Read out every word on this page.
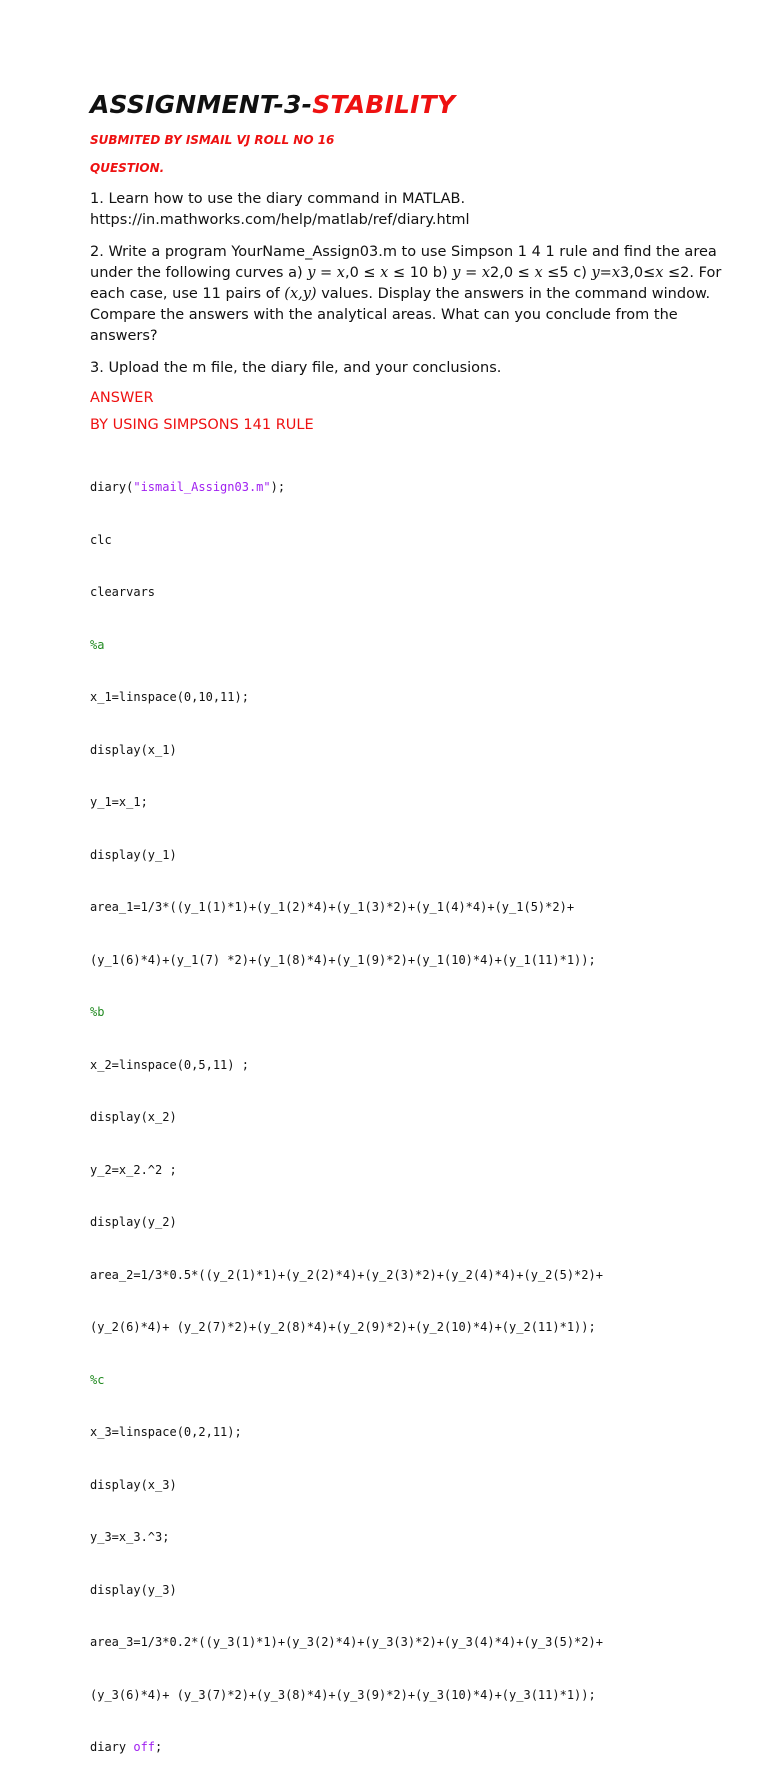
ASSIGNMENT-3-STABILITY
SUBMITED BY ISMAIL VJ ROLL NO 16
QUESTION.

1. Learn how to use the diary command in MATLAB.
https://in.mathworks.com/help/matlab/ref/diary.html

2. Write a program YourName_Assign03.m to use Simpson 1 4 1 rule and find the area under the following curves a) y = x,0 ≤ x ≤ 10 b) y = x2,0 ≤ x ≤5 c) y=x3,0≤x ≤2. For each case, use 11 pairs of (x,y) values. Display the answers in the command window. Compare the answers with the analytical areas. What can you conclude from the answers?

3. Upload the m file, the diary file, and your conclusions.

ANSWER
BY USING SIMPSONS 141 RULE

diary("ismail_Assign03.m");

clc

clearvars

%a

x_1=linspace(0,10,11);

display(x_1)

y_1=x_1;

display(y_1)

area_1=1/3*((y_1(1)*1)+(y_1(2)*4)+(y_1(3)*2)+(y_1(4)*4)+(y_1(5)*2)+

(y_1(6)*4)+(y_1(7) *2)+(y_1(8)*4)+(y_1(9)*2)+(y_1(10)*4)+(y_1(11)*1));

%b

x_2=linspace(0,5,11) ;

display(x_2)

y_2=x_2.^2 ;

display(y_2)

area_2=1/3*0.5*((y_2(1)*1)+(y_2(2)*4)+(y_2(3)*2)+(y_2(4)*4)+(y_2(5)*2)+

(y_2(6)*4)+ (y_2(7)*2)+(y_2(8)*4)+(y_2(9)*2)+(y_2(10)*4)+(y_2(11)*1));

%c

x_3=linspace(0,2,11);

display(x_3)

y_3=x_3.^3;

display(y_3)

area_3=1/3*0.2*((y_3(1)*1)+(y_3(2)*4)+(y_3(3)*2)+(y_3(4)*4)+(y_3(5)*2)+

(y_3(6)*4)+ (y_3(7)*2)+(y_3(8)*4)+(y_3(9)*2)+(y_3(10)*4)+(y_3(11)*1));

diary off;
